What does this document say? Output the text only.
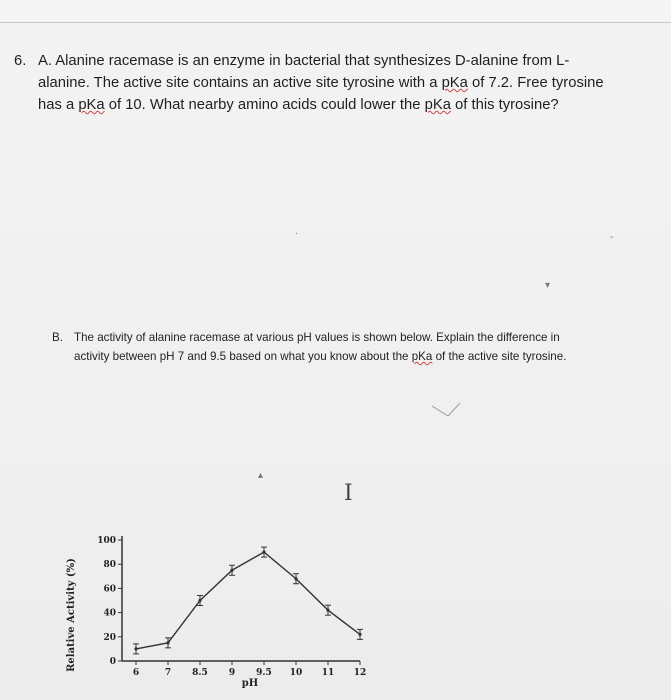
6. A. Alanine racemase is an enzyme in bacterial that synthesizes D-alanine from L-alanine. The active site contains an active site tyrosine with a pKa of 7.2. Free tyrosine has a pKa of 10. What nearby amino acids could lower the pKa of this tyrosine?
B. The activity of alanine racemase at various pH values is shown below. Explain the difference in activity between pH 7 and 9.5 based on what you know about the pKa of the active site tyrosine.
·
▾
-
▴
I
0
20
40
60
80
100
6	7 8.5 9 9.5 10 11 12
Relative Activity (%)
pH
